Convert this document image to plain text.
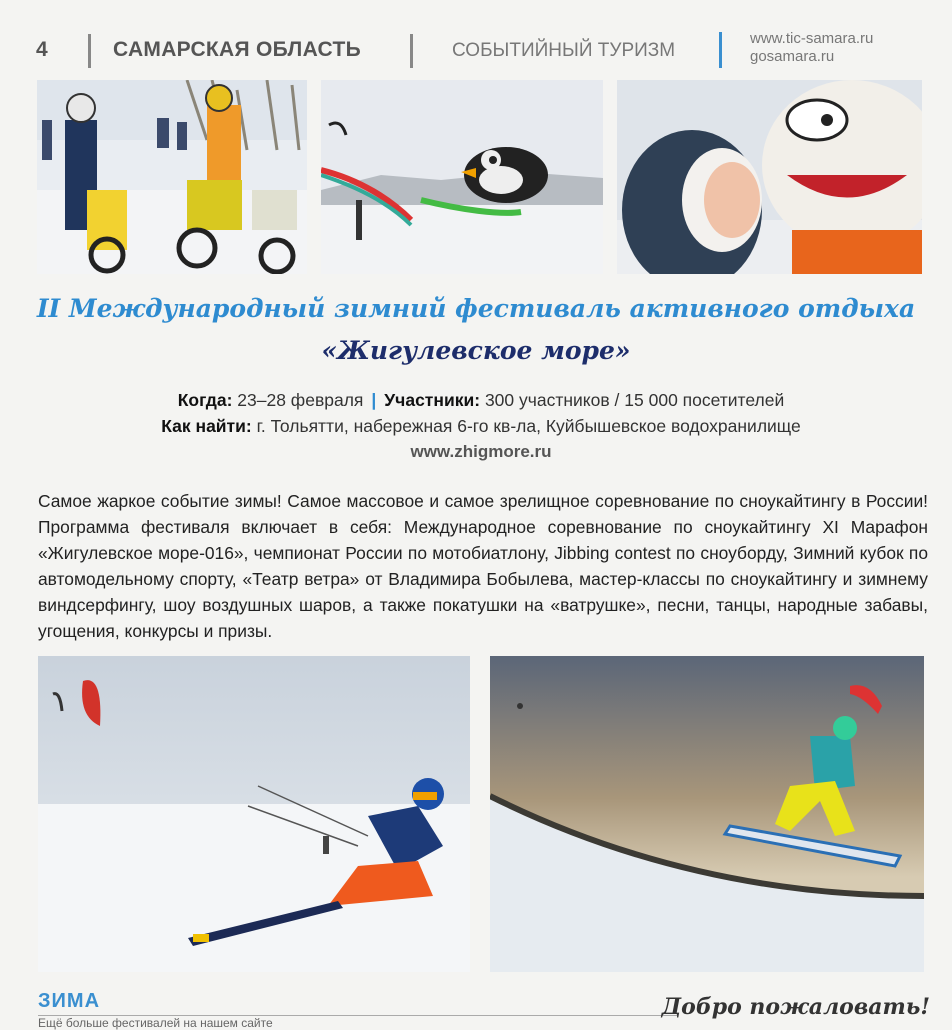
4	САМАРСКАЯ ОБЛАСТЬ	СОБЫТИЙНЫЙ ТУРИЗМ
www.tic-samara.ru
gosamara.ru
II Международный зимний фестиваль активного отдыха
«Жигулевское море»
Когда: 23–28 февраля | Участники: 300 участников / 15 000 посетителей
Как найти: г. Тольятти, набережная 6-го кв-ла, Куйбышевское водохранилище
www.zhigmore.ru
Самое жаркое событие зимы! Самое массовое и самое зрелищное соревнование по сноукайтингу в России! Программа фестиваля включает в себя: Международное соревнование по сноукайтингу XI Марафон «Жигулевское море-016», чемпионат России по мотобиатлону, Jibbing contest по сноуборду, Зимний кубок по автомодельному спорту, «Театр ветра» от Владимира Бобылева, мастер-классы по сноукайтингу и зимнему виндсерфингу, шоу воздушных шаров, а также покатушки на «ватрушке», песни, танцы, народные забавы, угощения, конкурсы и призы.
ЗИМА	Добро пожаловать!
Ещё больше фестивалей на нашем сайте
